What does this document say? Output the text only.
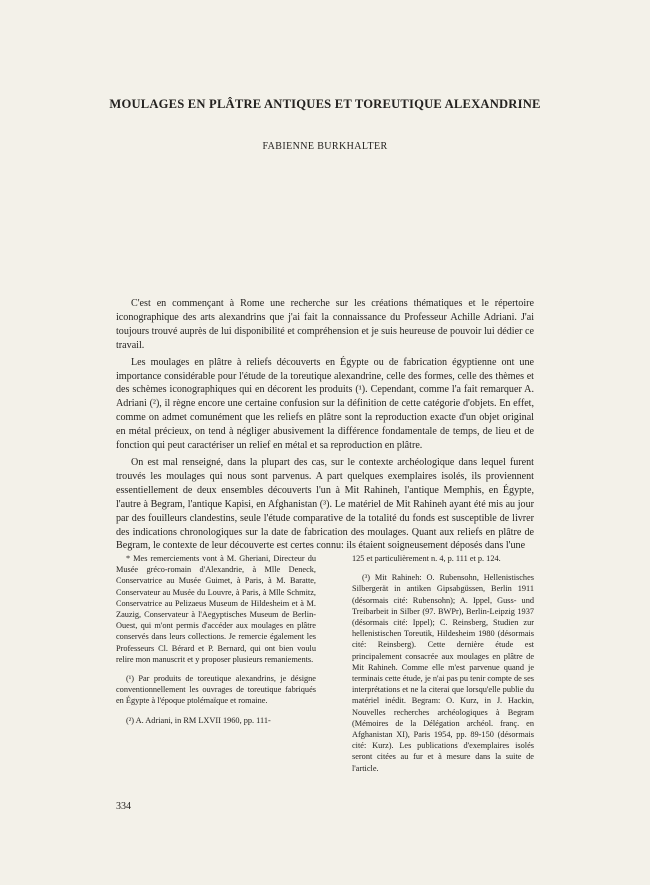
MOULAGES EN PLÂTRE ANTIQUES ET TOREUTIQUE ALEXANDRINE
FABIENNE BURKHALTER

C'est en commençant à Rome une recherche sur les créations thématiques et le répertoire iconographique des arts alexandrins que j'ai fait la connaissance du Professeur Achille Adriani. J'ai toujours trouvé auprès de lui disponibilité et compréhension et je suis heureuse de pouvoir lui dédier ce travail.

Les moulages en plâtre à reliefs découverts en Égypte ou de fabrication égyptienne ont une importance considérable pour l'étude de la toreutique alexandrine, celle des formes, celle des thèmes et des schèmes iconographiques qui en décorent les produits (¹). Cependant, comme l'a fait remarquer A. Adriani (²), il règne encore une certaine confusion sur la définition de cette catégorie d'objets. En effet, comme on admet comunément que les reliefs en plâtre sont la reproduction exacte d'un objet original en métal précieux, on tend à négliger abusivement la différence fondamentale de temps, de lieu et de fonction qui peut caractériser un relief en métal et sa reproduction en plâtre.

On est mal renseigné, dans la plupart des cas, sur le contexte archéologique dans lequel furent trouvés les moulages qui nous sont parvenus. A part quelques exemplaires isolés, ils proviennent essentiellement de deux ensembles découverts l'un à Mit Rahineh, l'antique Memphis, en Égypte, l'autre à Begram, l'antique Kapisi, en Afghanistan (³). Le matériel de Mit Rahineh ayant été mis au jour par des fouilleurs clandestins, seule l'étude comparative de la totalité du fonds est susceptible de livrer des indications chronologiques sur la date de fabrication des moulages. Quant aux reliefs en plâtre de Begram, le contexte de leur découverte est certes connu: ils étaient soigneusement déposés dans l'une

* Mes remerciements vont à M. Gheriani, Directeur du Musée gréco-romain d'Alexandrie, à Mlle Deneck, Conservatrice au Musée Guimet, à Paris, à M. Baratte, Conservateur au Musée du Louvre, à Paris, à Mlle Schmitz, Conservatrice au Pelizaeus Museum de Hildesheim et à M. Zauzig, Conservateur à l'Aegyptisches Museum de Berlin-Ouest, qui m'ont permis d'accéder aux moulages en plâtre conservés dans leurs collections. Je remercie également les Professeurs Cl. Bérard et P. Bernard, qui ont bien voulu relire mon manuscrit et y proposer plusieurs remaniements.

(¹) Par produits de toreutique alexandrins, je désigne conventionnellement les ouvrages de toreutique fabriqués en Égypte à l'époque ptolémaïque et romaine.

(²) A. Adriani, in RM LXVII 1960, pp. 111-

125 et particulièrement n. 4, p. 111 et p. 124.

(³) Mit Rahineh: O. Rubensohn, Hellenistisches Silbergerät in antiken Gipsabgüssen, Berlin 1911 (désormais cité: Rubensohn); A. Ippel, Guss- und Treibarbeit in Silber (97. BWPr), Berlin-Leipzig 1937 (désormais cité: Ippel); C. Reinsberg, Studien zur hellenistischen Toreutik, Hildesheim 1980 (désormais cité: Reinsberg). Cette dernière étude est principalement consacrée aux moulages en plâtre de Mit Rahineh. Comme elle m'est parvenue quand je terminais cette étude, je n'ai pas pu tenir compte de ses interprétations et ne la citerai que lorsqu'elle publie du matériel inédit. Begram: O. Kurz, in J. Hackin, Nouvelles recherches archéologiques à Begram (Mémoires de la Délégation archéol. franç. en Afghanistan XI), Paris 1954, pp. 89-150 (désormais cité: Kurz). Les publications d'exemplaires isolés seront citées au fur et à mesure dans la suite de l'article.

334
